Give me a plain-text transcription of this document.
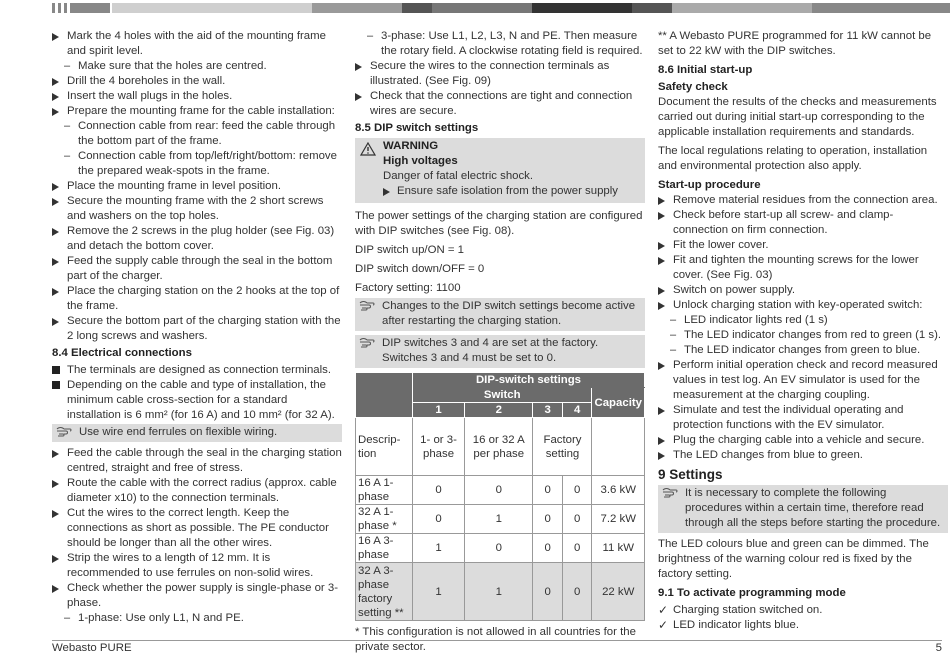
Mark the 4 holes with the aid of the mounting frame and spirit level.
– Make sure that the holes are centred.
Drill the 4 boreholes in the wall.
Insert the wall plugs in the holes.
Prepare the mounting frame for the cable installation:
– Connection cable from rear: feed the cable through the bottom part of the frame.
– Connection cable from top/left/right/bottom: remove the prepared weak-spots in the frame.
Place the mounting frame in level position.
Secure the mounting frame with the 2 short screws and washers on the top holes.
Remove the 2 screws in the plug holder (see Fig. 03) and detach the bottom cover.
Feed the supply cable through the seal in the bottom part of the charger.
Place the charging station on the 2 hooks at the top of the frame.
Secure the bottom part of the charging station with the 2 long screws and washers.
8.4 Electrical connections
The terminals are designed as connection terminals.
Depending on the cable and type of installation, the minimum cable cross-section for a standard installation is 6 mm² (for 16 A) and 10 mm² (for 32 A).
Use wire end ferrules on flexible wiring.
Feed the cable through the seal in the charging station centred, straight and free of stress.
Route the cable with the correct radius (approx. cable diameter x10) to the connection terminals.
Cut the wires to the correct length. Keep the connections as short as possible. The PE conductor should be longer than all the other wires.
Strip the wires to a length of 12 mm. It is recommended to use ferrules on non-solid wires.
Check whether the power supply is single-phase or 3-phase.
– 1-phase: Use only L1, N and PE.
– 3-phase: Use L1, L2, L3, N and PE. Then measure the rotary field. A clockwise rotating field is required.
Secure the wires to the connection terminals as illustrated. (See Fig. 09)
Check that the connections are tight and connection wires are secure.
8.5 DIP switch settings
WARNING
High voltages
Danger of fatal electric shock.
Ensure safe isolation from the power supply
The power settings of the charging station are configured with DIP switches (see Fig. 08).
DIP switch up/ON = 1
DIP switch down/OFF = 0
Factory setting: 1100
Changes to the DIP switch settings become active after restarting the charging station.
DIP switches 3 and 4 are set at the factory. Switches 3 and 4 must be set to 0.
	DIP-switch settings				
	Switch				Capacity
	1	2	3	4	
Descrip-tion	1- or 3-phase	16 or 32 A per phase	Factory setting		
16 A 1-phase	0	0	0	0	3.6 kW
32 A 1-phase *	0	1	0	0	7.2 kW
16 A 3-phase	1	0	0	0	11 kW
32 A 3-phase factory setting **	1	1	0	0	22 kW
* This configuration is not allowed in all countries for the private sector.
** A Webasto PURE programmed for 11 kW cannot be set to 22 kW with the DIP switches.
8.6 Initial start-up
Safety check
Document the results of the checks and measurements carried out during initial start-up corresponding to the applicable installation requirements and standards.
The local regulations relating to operation, installation and environmental protection also apply.
Start-up procedure
Remove material residues from the connection area.
Check before start-up all screw- and clamp-connection on firm connection.
Fit the lower cover.
Fit and tighten the mounting screws for the lower cover. (See Fig. 03)
Switch on power supply.
Unlock charging station with key-operated switch:
– LED indicator lights red (1 s)
– The LED indicator changes from red to green (1 s).
– The LED indicator changes from green to blue.
Perform initial operation check and record measured values in test log. An EV simulator is used for the measurement at the charging coupling.
Simulate and test the individual operating and protection functions with the EV simulator.
Plug the charging cable into a vehicle and secure.
The LED changes from blue to green.
9 Settings
It is necessary to complete the following procedures within a certain time, therefore read through all the steps before starting the procedure.
The LED colours blue and green can be dimmed. The brightness of the warning colour red is fixed by the factory setting.
9.1 To activate programming mode
✓ Charging station switched on.
✓ LED indicator lights blue.
Webasto PURE	5
